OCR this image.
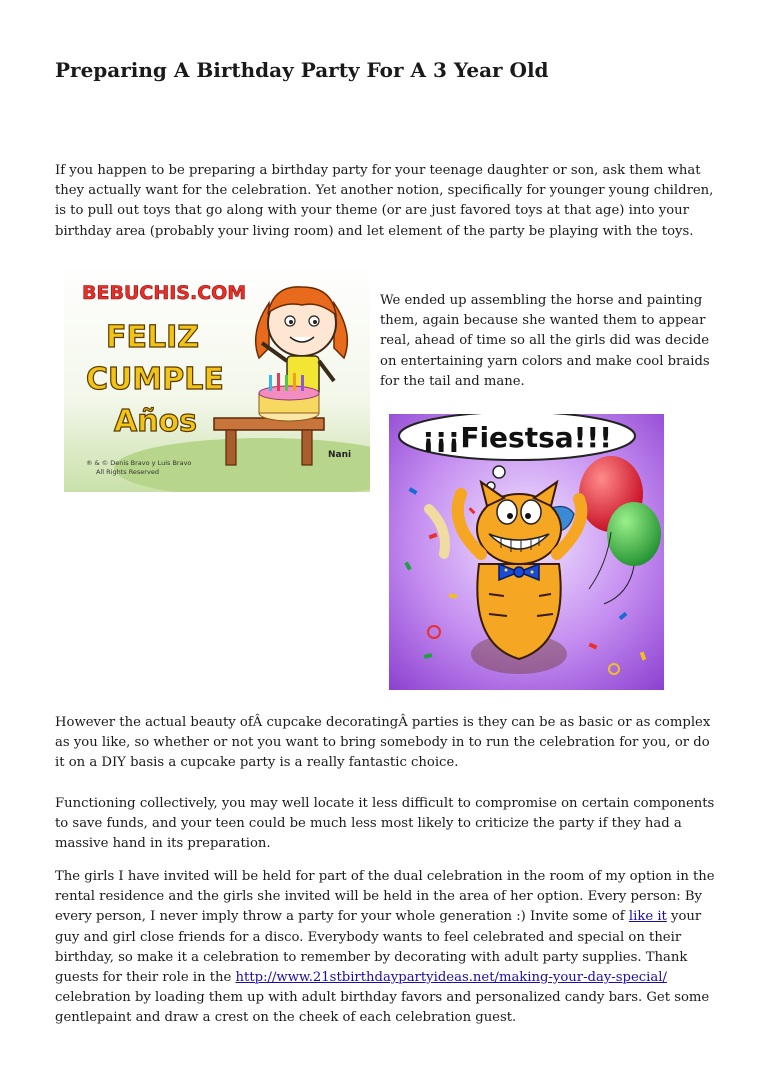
Preparing A Birthday Party For A 3 Year Old

If you happen to be preparing a birthday party for your teenage daughter or son, ask them what they actually want for the celebration. Yet another notion, specifically for younger young children, is to pull out toys that go along with your theme (or are just favored toys at that age) into your birthday area (probably your living room) and let element of the party be playing with the toys.

BEBUCHIS.COM
FELIZ
CUMPLE
Años
® & © Denis Bravo y Luis Bravo
All Rights Reserved
Nani

We ended up assembling the horse and painting them, again because she wanted them to appear real, ahead of time so all the girls did was decide on entertaining yarn colors and make cool braids for the tail and mane.

¡¡¡Fiestsa!!!

However the actual beauty ofÂ cupcake decoratingÂ parties is they can be as basic or as complex as you like, so whether or not you want to bring somebody in to run the celebration for you, or do it on a DIY basis a cupcake party is a really fantastic choice.

Functioning collectively, you may well locate it less difficult to compromise on certain components to save funds, and your teen could be much less most likely to criticize the party if they had a massive hand in its preparation.

The girls I have invited will be held for part of the dual celebration in the room of my option in the rental residence and the girls she invited will be held in the area of her option. Every person: By every person, I never imply throw a party for your whole generation :) Invite some of like it your guy and girl close friends for a disco. Everybody wants to feel celebrated and special on their birthday, so make it a celebration to remember by decorating with adult party supplies. Thank guests for their role in the http://www.21stbirthdaypartyideas.net/making-your-day-special/ celebration by loading them up with adult birthday favors and personalized candy bars. Get some gentlepaint and draw a crest on the cheek of each celebration guest.
